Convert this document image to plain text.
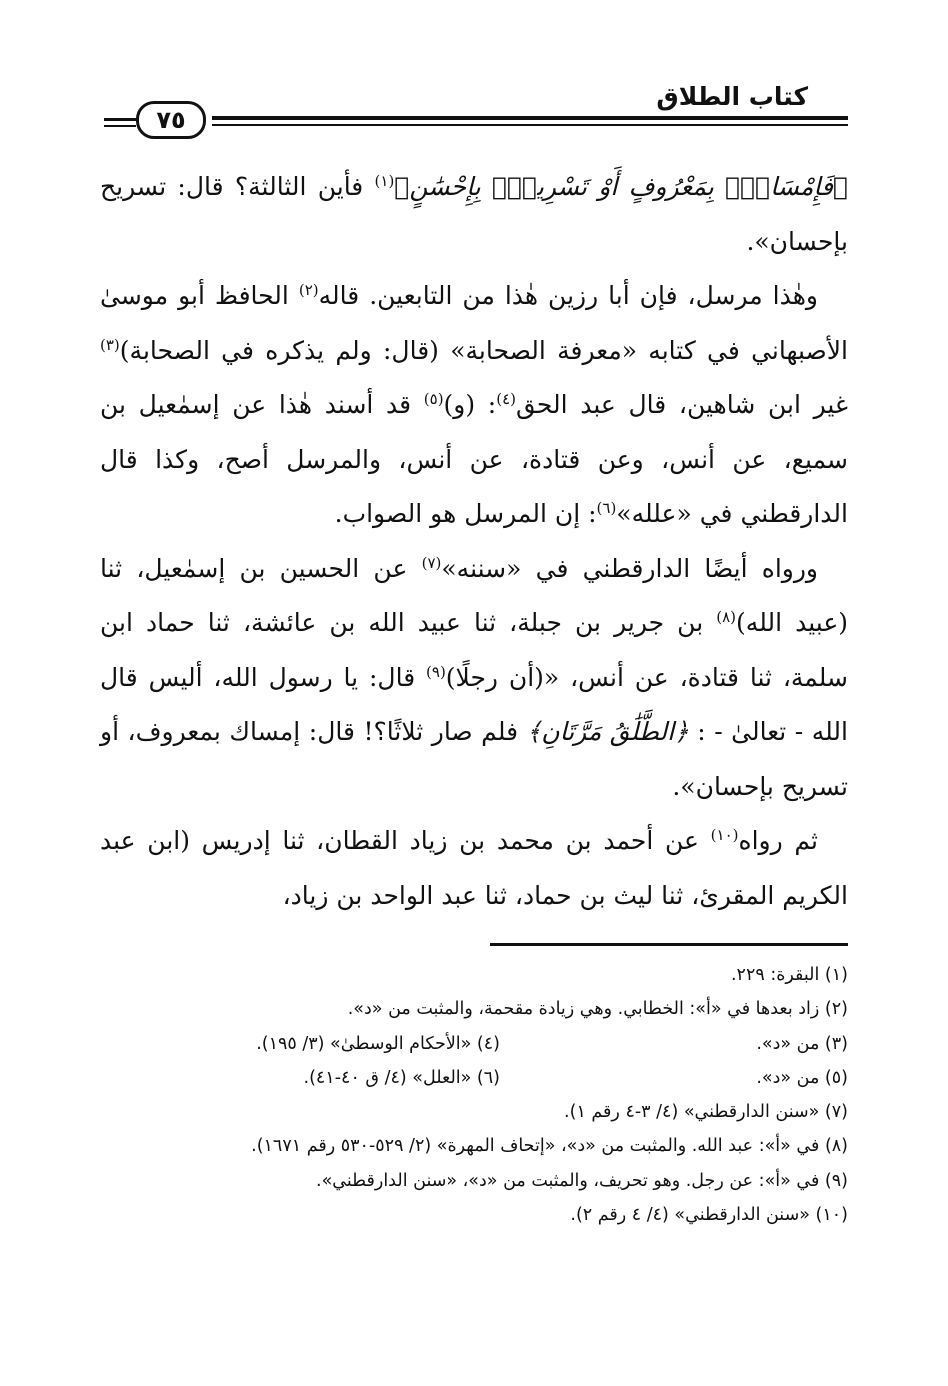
كتاب الطلاق
٧٥

﴿فَإِمْسَاكُۢ بِمَعْرُوفٍ أَوْ تَسْرِيحُۢ بِإِحْسَٰنٍ﴾$^{(١)}$ فأين الثالثة؟ قال: تسريح بإحسان».

وهٰذا مرسل، فإن أبا رزين هٰذا من التابعين. قاله$^{(٢)}$ الحافظ أبو موسىٰ الأصبهاني في كتابه «معرفة الصحابة» (قال: ولم يذكره في الصحابة)$^{(٣)}$ غير ابن شاهين، قال عبد الحق$^{(٤)}$: (و)$^{(٥)}$ قد أسند هٰذا عن إسمٰعيل بن سميع، عن أنس، وعن قتادة، عن أنس، والمرسل أصح، وكذا قال الدارقطني في «علله»$^{(٦)}$: إن المرسل هو الصواب.

ورواه أيضًا الدارقطني في «سننه»$^{(٧)}$ عن الحسين بن إسمٰعيل، ثنا (عبيد الله)$^{(٨)}$ بن جرير بن جبلة، ثنا عبيد الله بن عائشة، ثنا حماد ابن سلمة، ثنا قتادة، عن أنس، «(أن رجلًا)$^{(٩)}$ قال: يا رسول الله، أليس قال الله - تعالىٰ - : ﴿الطَّلَٰقُ مَرَّتَانِ﴾ فلم صار ثلاثًا؟! قال: إمساك بمعروف، أو تسريح بإحسان».

ثم رواه$^{(١٠)}$ عن أحمد بن محمد بن زياد القطان، ثنا إدريس (ابن عبد الكريم المقرئ، ثنا ليث بن حماد، ثنا عبد الواحد بن زياد،

(١) البقرة: ٢٢٩.
(٢) زاد بعدها في «أ»: الخطابي. وهي زيادة مقحمة، والمثبت من «د».
(٣) من «د».
(٤) «الأحكام الوسطىٰ» (٣/ ١٩٥).
(٥) من «د».
(٦) «العلل» (٤/ ق ٤٠-٤١).
(٧) «سنن الدارقطني» (٤/ ٣-٤ رقم ١).
(٨) في «أ»: عبد الله. والمثبت من «د»، «إتحاف المهرة» (٢/ ٥٢٩-٥٣٠ رقم ١٦٧١).
(٩) في «أ»: عن رجل. وهو تحريف، والمثبت من «د»، «سنن الدارقطني».
(١٠) «سنن الدارقطني» (٤/ ٤ رقم ٢).
